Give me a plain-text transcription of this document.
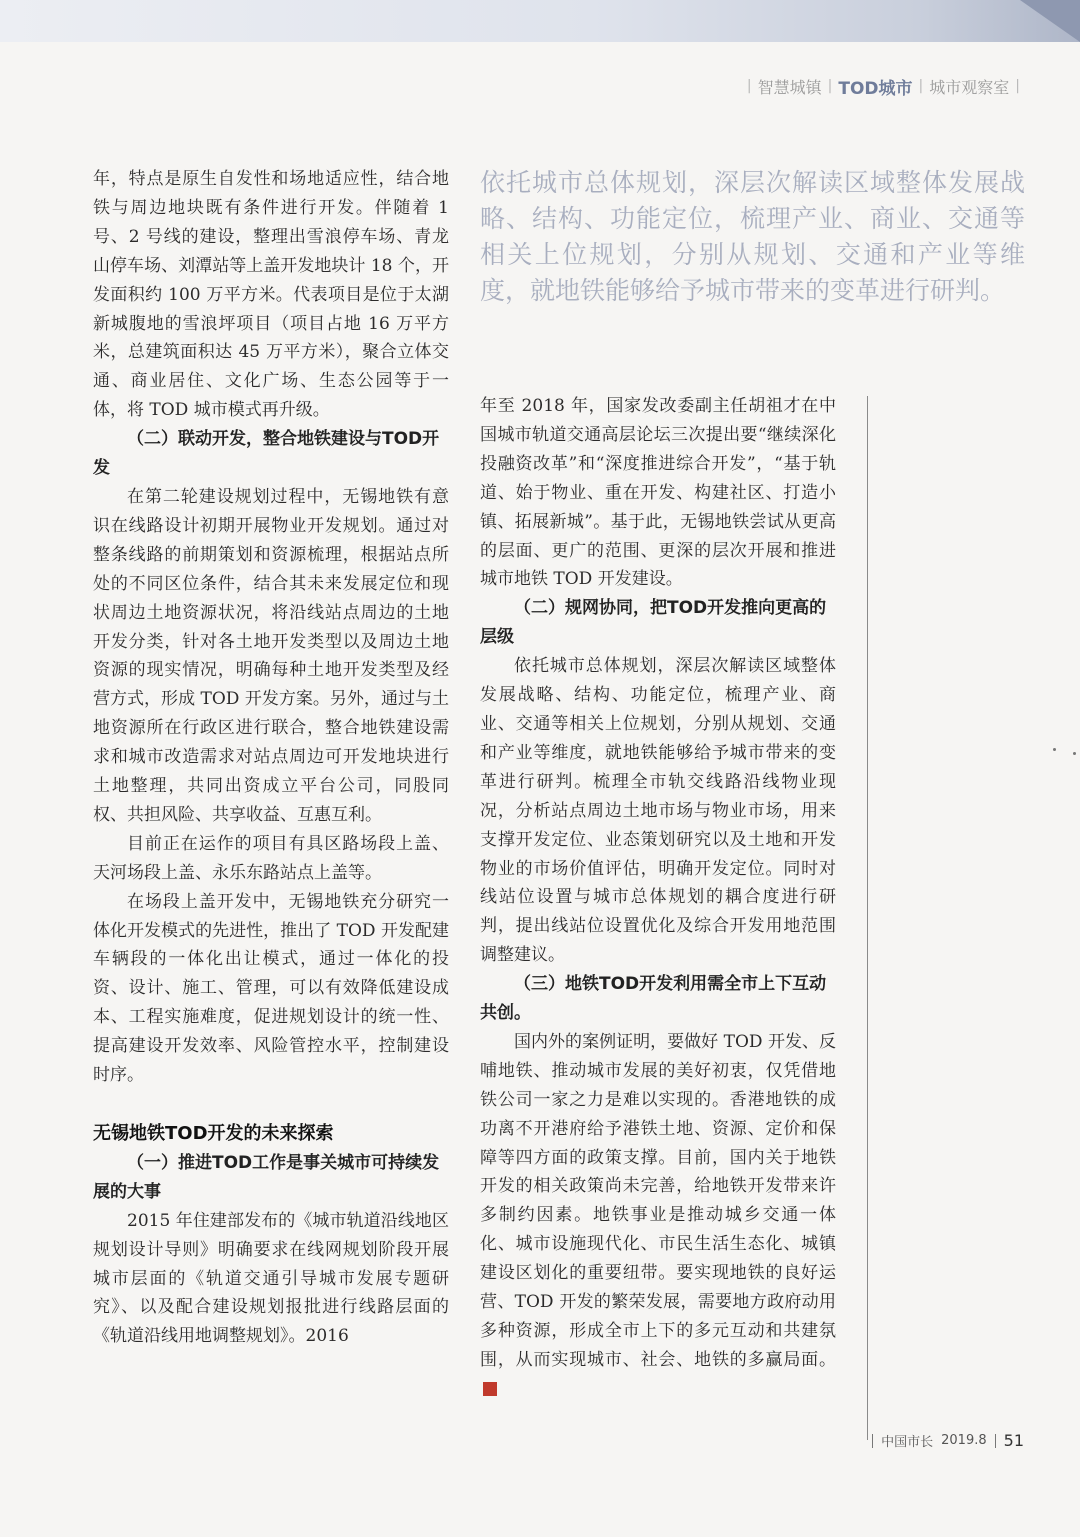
| 智慧城镇 | TOD城市 | 城市观察室 |

年，特点是原生自发性和场地适应性，结合地铁与周边地块既有条件进行开发。伴随着 1 号、2 号线的建设，整理出雪浪停车场、青龙山停车场、刘潭站等上盖开发地块计 18 个，开发面积约 100 万平方米。代表项目是位于太湖新城腹地的雪浪坪项目（项目占地 16 万平方米，总建筑面积达 45 万平方米），聚合立体交通、商业居住、文化广场、生态公园等于一体，将 TOD 城市模式再升级。

（二）联动开发，整合地铁建设与TOD开发

在第二轮建设规划过程中，无锡地铁有意识在线路设计初期开展物业开发规划。通过对整条线路的前期策划和资源梳理，根据站点所处的不同区位条件，结合其未来发展定位和现状周边土地资源状况，将沿线站点周边的土地开发分类，针对各土地开发类型以及周边土地资源的现实情况，明确每种土地开发类型及经营方式，形成 TOD 开发方案。另外，通过与土地资源所在行政区进行联合，整合地铁建设需求和城市改造需求对站点周边可开发地块进行土地整理，共同出资成立平台公司，同股同权、共担风险、共享收益、互惠互利。

目前正在运作的项目有具区路场段上盖、天河场段上盖、永乐东路站点上盖等。

在场段上盖开发中，无锡地铁充分研究一体化开发模式的先进性，推出了 TOD 开发配建车辆段的一体化出让模式，通过一体化的投资、设计、施工、管理，可以有效降低建设成本、工程实施难度，促进规划设计的统一性、提高建设开发效率、风险管控水平，控制建设时序。

无锡地铁TOD开发的未来探索
（一）推进TOD工作是事关城市可持续发展的大事

2015 年住建部发布的《城市轨道沿线地区规划设计导则》明确要求在线网规划阶段开展城市层面的《轨道交通引导城市发展专题研究》、以及配合建设规划报批进行线路层面的《轨道沿线用地调整规划》。2016

依托城市总体规划，深层次解读区域整体发展战略、结构、功能定位，梳理产业、商业、交通等相关上位规划，分别从规划、交通和产业等维度，就地铁能够给予城市带来的变革进行研判。

年至 2018 年，国家发改委副主任胡祖才在中国城市轨道交通高层论坛三次提出要“继续深化投融资改革”和“深度推进综合开发”，“基于轨道、始于物业、重在开发、构建社区、打造小镇、拓展新城”。基于此，无锡地铁尝试从更高的层面、更广的范围、更深的层次开展和推进城市地铁 TOD 开发建设。

（二）规网协同，把TOD开发推向更高的层级

依托城市总体规划，深层次解读区域整体发展战略、结构、功能定位，梳理产业、商业、交通等相关上位规划，分别从规划、交通和产业等维度，就地铁能够给予城市带来的变革进行研判。梳理全市轨交线路沿线物业现况，分析站点周边土地市场与物业市场，用来支撑开发定位、业态策划研究以及土地和开发物业的市场价值评估，明确开发定位。同时对线站位设置与城市总体规划的耦合度进行研判，提出线站位设置优化及综合开发用地范围调整建议。

（三）地铁TOD开发利用需全市上下互动共创。

国内外的案例证明，要做好 TOD 开发、反哺地铁、推动城市发展的美好初衷，仅凭借地铁公司一家之力是难以实现的。香港地铁的成功离不开港府给予港铁土地、资源、定价和保障等四方面的政策支撑。目前，国内关于地铁开发的相关政策尚未完善，给地铁开发带来许多制约因素。地铁事业是推动城乡交通一体化、城市设施现代化、市民生活生态化、城镇建设区划化的重要纽带。要实现地铁的良好运营、TOD 开发的繁荣发展，需要地方政府动用多种资源，形成全市上下的多元互动和共建氛围，从而实现城市、社会、地铁的多赢局面。

中国市长 2019.8 51
